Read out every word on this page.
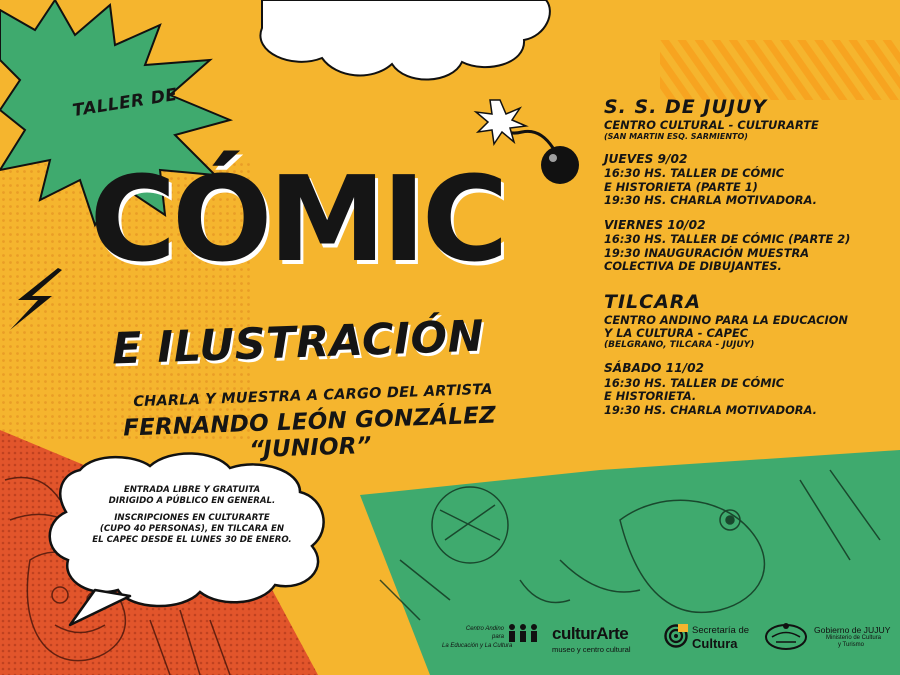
TALLER DE
CÓMIC
E ILUSTRACIÓN
CHARLA Y MUESTRA A CARGO DEL ARTISTA
FERNANDO LEÓN GONZÁLEZ “JUNIOR”
S. S. DE JUJUY
CENTRO CULTURAL - CULTURARTE
(SAN MARTIN ESQ. SARMIENTO)
JUEVES 9/02
16:30 HS. TALLER DE CÓMIC
E HISTORIETA (PARTE 1)
19:30 HS. CHARLA MOTIVADORA.
VIERNES 10/02
16:30 HS. TALLER DE CÓMIC (PARTE 2)
19:30 INAUGURACIÓN MUESTRA
COLECTIVA DE DIBUJANTES.
TILCARA
CENTRO ANDINO PARA LA EDUCACION
Y LA CULTURA - CAPEC
(BELGRANO, TILCARA - JUJUY)
SÁBADO 11/02
16:30 HS. TALLER DE CÓMIC
E HISTORIETA.
19:30 HS. CHARLA MOTIVADORA.
ENTRADA LIBRE Y GRATUITA
DIRIGIDO A PÚBLICO EN GENERAL.
INSCRIPCIONES EN CULTURARTE
(CUPO 40 PERSONAS), EN TILCARA EN
EL CAPEC DESDE EL LUNES 30 DE ENERO.
Centro Andino
para
La Educación y La Cultura
culturArte
museo y centro cultural
Secretaría de
Cultura
Gobierno de JUJUY
Ministerio de Cultura
y Turismo
